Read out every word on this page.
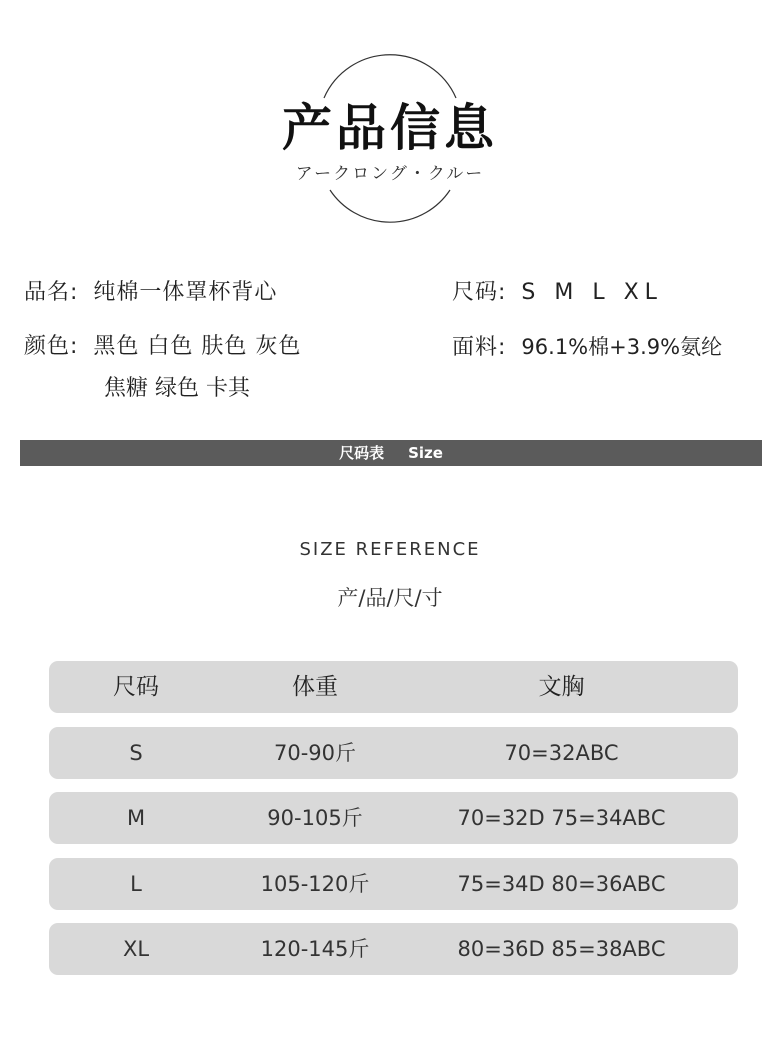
产品信息
アークロング・クルー
品名: 纯棉一体罩杯背心	尺码: S M L XL
颜色: 黑色 白色 肤色 灰色
焦糖 绿色 卡其
面料: 96.1%棉+3.9%氨纶
尺码表 Size
SIZE REFERENCE
产/品/尺/寸
尺码	体重	文胸
S	70-90斤	70=32ABC
M	90-105斤	70=32D 75=34ABC
L	105-120斤	75=34D 80=36ABC
XL	120-145斤	80=36D 85=38ABC
